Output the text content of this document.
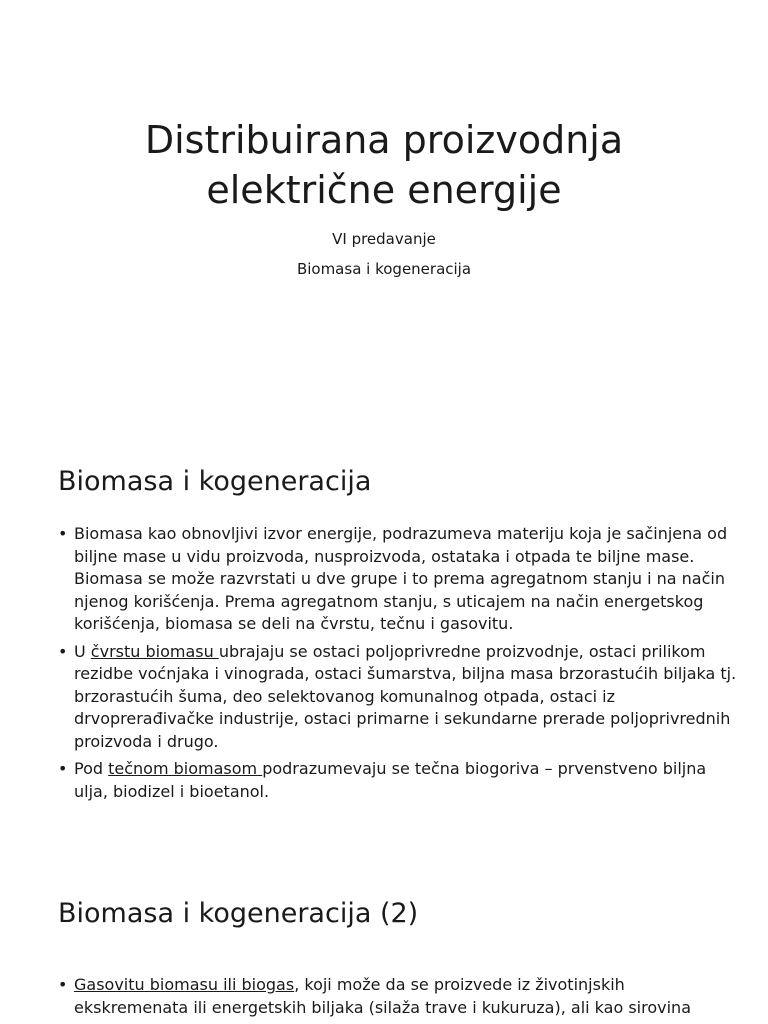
Distribuirana proizvodnja
električne energije

VI predavanje

Biomasa i kogeneracija

Biomasa i kogeneracija
• Biomasa kao obnovljivi izvor energije, podrazumeva materiju koja je sačinjena od biljne mase u vidu proizvoda, nusproizvoda, ostataka i otpada te biljne mase. Biomasa se može razvrstati u dve grupe i to prema agregatnom stanju i na način njenog korišćenja. Prema agregatnom stanju, s uticajem na način energetskog korišćenja, biomasa se deli na čvrstu, tečnu i gasovitu.
• U čvrstu biomasu ubrajaju se ostaci poljoprivredne proizvodnje, ostaci prilikom rezidbe voćnjaka i vinograda, ostaci šumarstva, biljna masa brzorastućih biljaka tj. brzorastućih šuma, deo selektovanog komunalnog otpada, ostaci iz drvoprerađivačke industrije, ostaci primarne i sekundarne prerade poljoprivrednih proizvoda i drugo.
• Pod tečnom biomasom podrazumevaju se tečna biogoriva – prvenstveno biljna ulja, biodizel i bioetanol.
Biomasa i kogeneracija (2)
• Gasovitu biomasu ili biogas, koji može da se proizvede iz životinjskih ekskremenata ili energetskih biljaka (silaža trave i kukuruza), ali kao sirovina
